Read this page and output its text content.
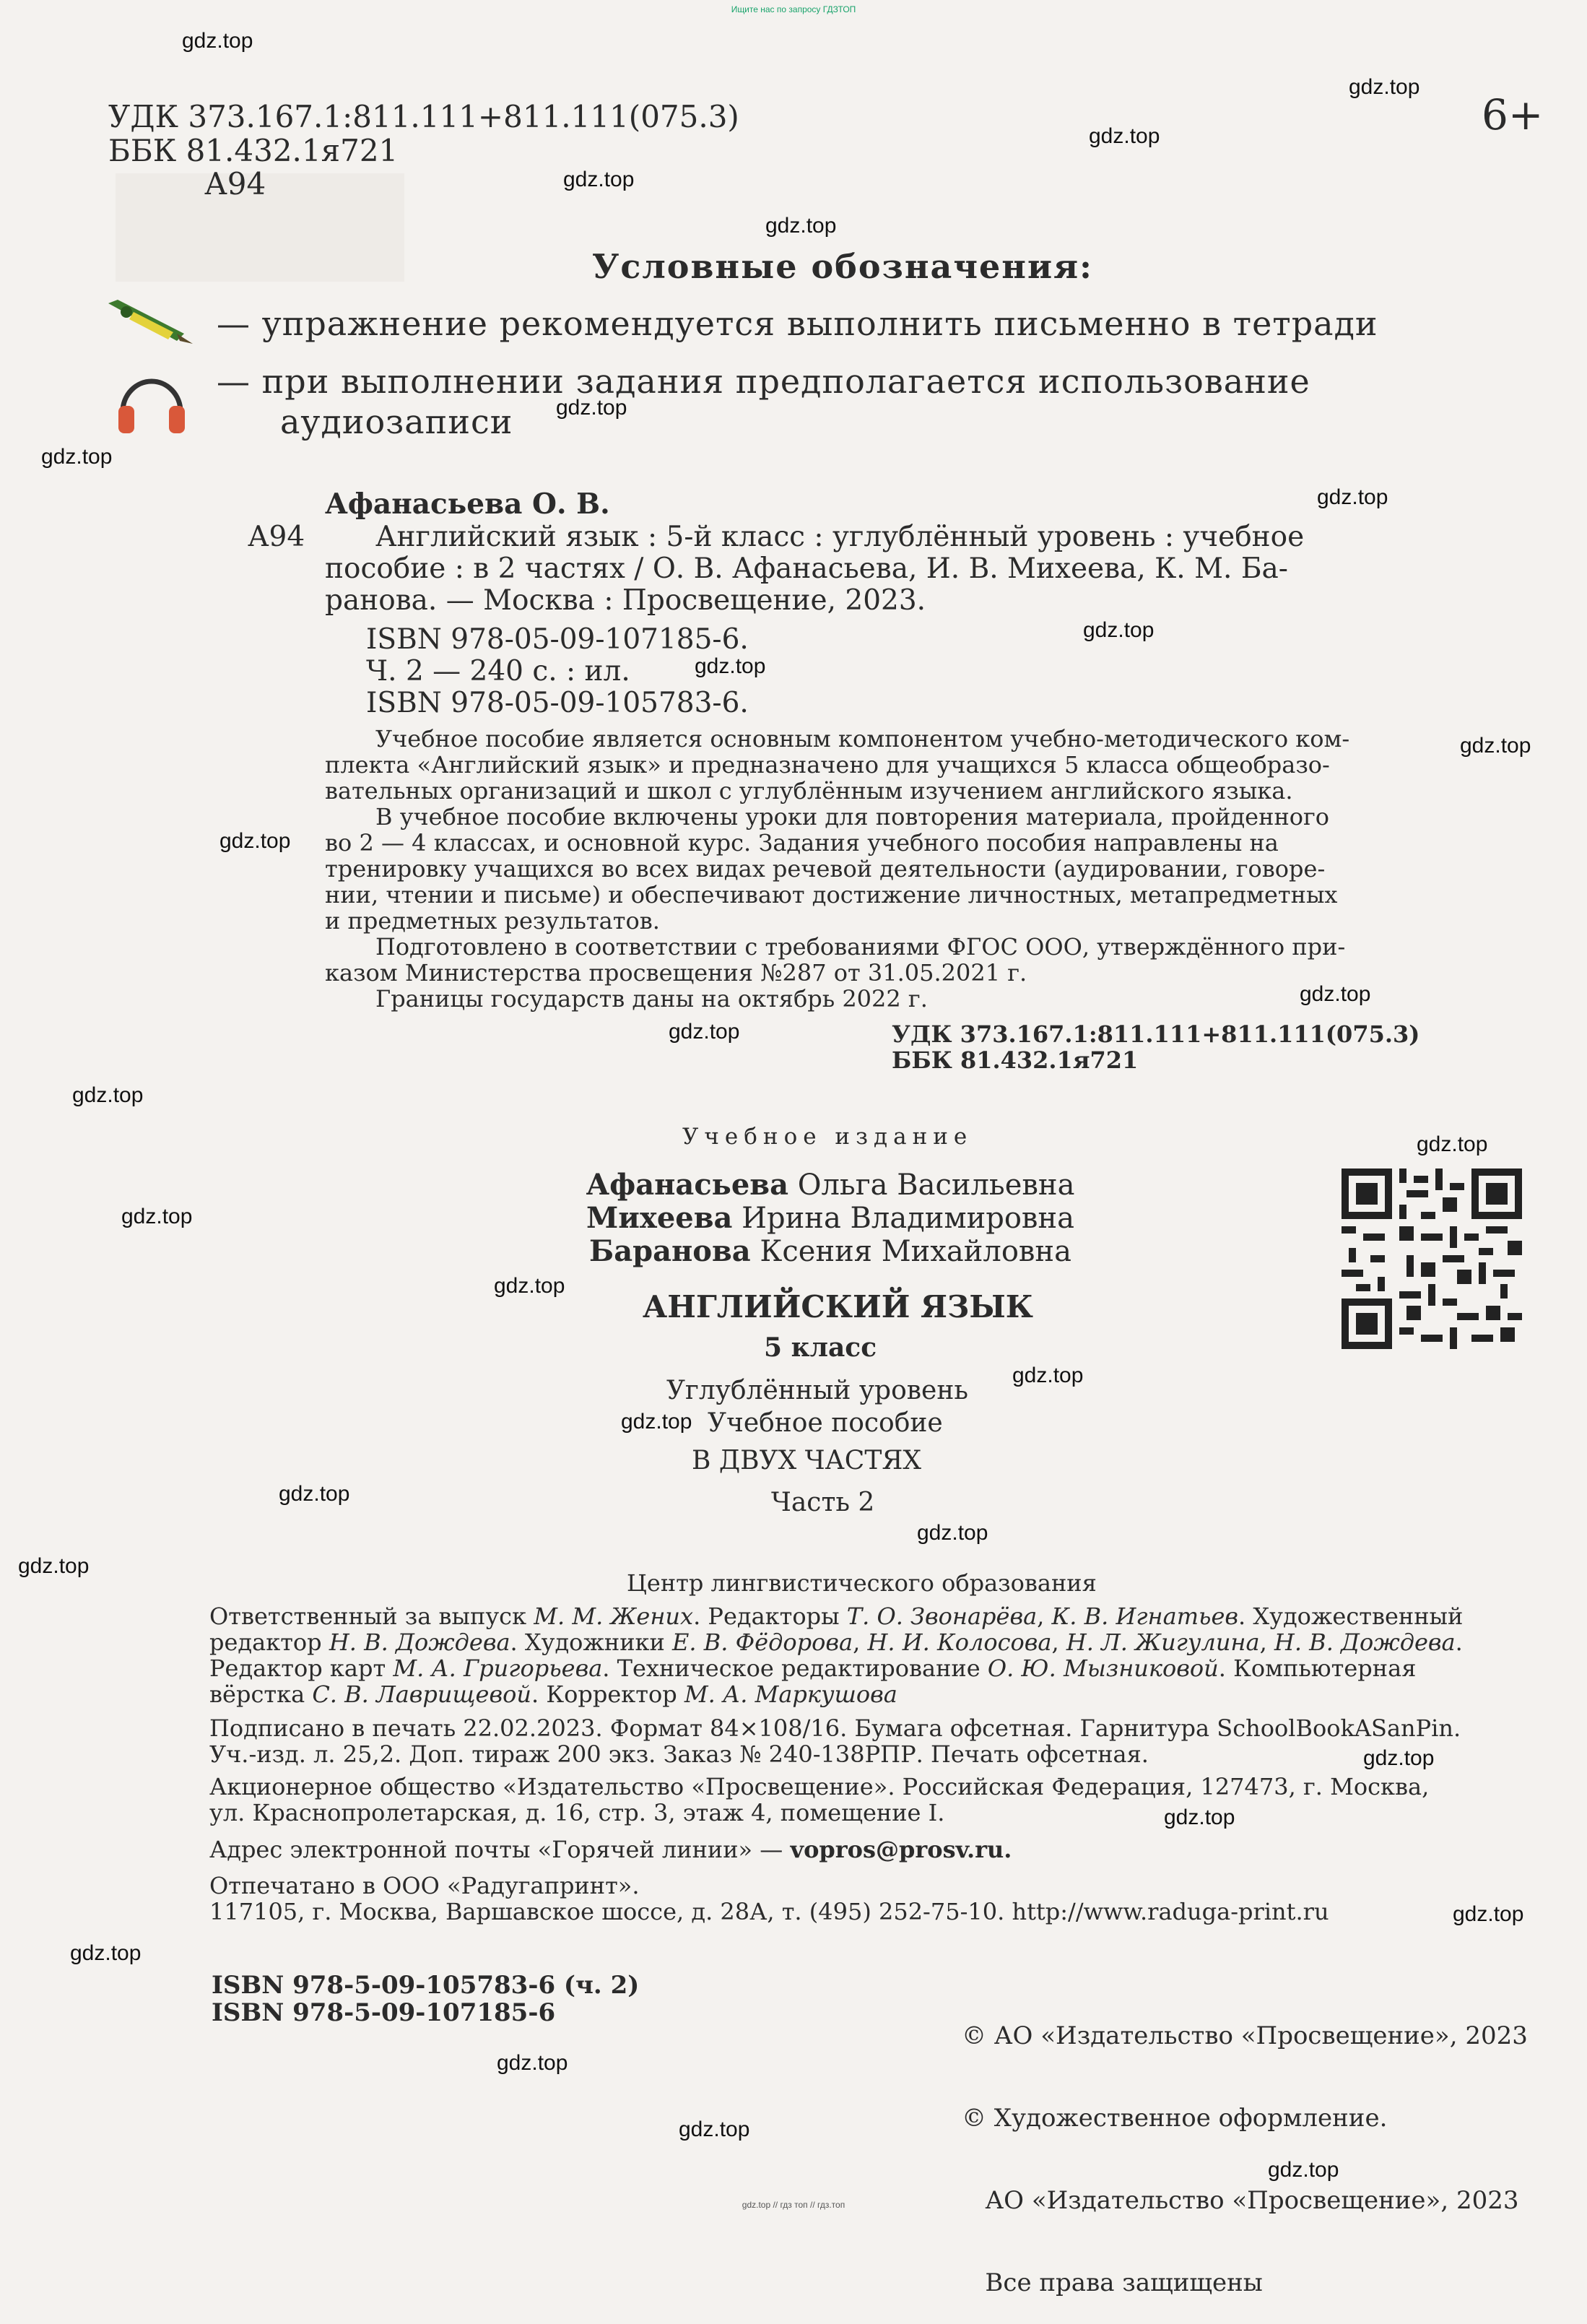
Ищите нас по запросу ГДЗТОП
gdz.top // гдз топ // гдз.топ
УДК 373.167.1:811.111+811.111(075.3)
ББК 81.432.1я721
А94
6+
Условные обозначения:
— упражнение рекомендуется выполнить письменно в тетради
— при выполнении задания предполагается использование
аудиозаписи
Афанасьева О. В.
А94	Английский язык : 5-й класс : углублённый уровень : учебное
пособие : в 2 частях / О. В. Афанасьева, И. В. Михеева, К. М. Ба-
ранова. — Москва : Просвещение, 2023.
ISBN 978-05-09-107185-6.
Ч. 2 — 240 с. : ил.
ISBN 978-05-09-105783-6.
Учебное пособие является основным компонентом учебно-методического ком-
плекта «Английский язык» и предназначено для учащихся 5 класса общеобразо-
вательных организаций и школ с углублённым изучением английского языка.
В учебное пособие включены уроки для повторения материала, пройденного
во 2 — 4 классах, и основной курс. Задания учебного пособия направлены на
тренировку учащихся во всех видах речевой деятельности (аудировании, говоре-
нии, чтении и письме) и обеспечивают достижение личностных, метапредметных
и предметных результатов.
Подготовлено в соответствии с требованиями ФГОС ООО, утверждённого при-
казом Министерства просвещения №287 от 31.05.2021 г.
Границы государств даны на октябрь 2022 г.
УДК 373.167.1:811.111+811.111(075.3)
ББК 81.432.1я721
Учебное издание
Афанасьева Ольга Васильевна
Михеева Ирина Владимировна
Баранова Ксения Михайловна
АНГЛИЙСКИЙ ЯЗЫК
5 класс
Углублённый уровень
Учебное пособие
В ДВУХ ЧАСТЯХ
Часть 2
Центр лингвистического образования
Ответственный за выпуск М. М. Жених. Редакторы Т. О. Звонарёва, К. В. Игнатьев. Художественный
редактор Н. В. Дождева. Художники Е. В. Фёдорова, Н. И. Колосова, Н. Л. Жигулина, Н. В. Дождева.
Редактор карт М. А. Григорьева. Техническое редактирование О. Ю. Мызниковой. Компьютерная
вёрстка С. В. Лаврищевой. Корректор М. А. Маркушова
Подписано в печать 22.02.2023. Формат 84×108/16. Бумага офсетная. Гарнитура SchoolBookASanPin.
Уч.-изд. л. 25,2. Доп. тираж 200 экз. Заказ № 240-138РПР. Печать офсетная.
Акционерное общество «Издательство «Просвещение». Российская Федерация, 127473, г. Москва,
ул. Краснопролетарская, д. 16, стр. 3, этаж 4, помещение I.
Адрес электронной почты «Горячей линии» — vopros@prosv.ru.
Отпечатано в ООО «Радугапринт».
117105, г. Москва, Варшавское шоссе, д. 28А, т. (495) 252-75-10. http://www.raduga-print.ru
ISBN 978-5-09-105783-6 (ч. 2)
ISBN 978-5-09-107185-6

© АО «Издательство «Просвещение», 2023

© Художественное оформление.

АО «Издательство «Просвещение», 2023

Все права защищены

gdz.top
gdz.top
gdz.top
gdz.top
gdz.top
gdz.top
gdz.top
gdz.top
gdz.top
gdz.top
gdz.top
gdz.top
gdz.top
gdz.top
gdz.top
gdz.top
gdz.top
gdz.top
gdz.top
gdz.top
gdz.top
gdz.top
gdz.top
gdz.top
gdz.top
gdz.top
gdz.top
gdz.top
gdz.top
gdz.top
